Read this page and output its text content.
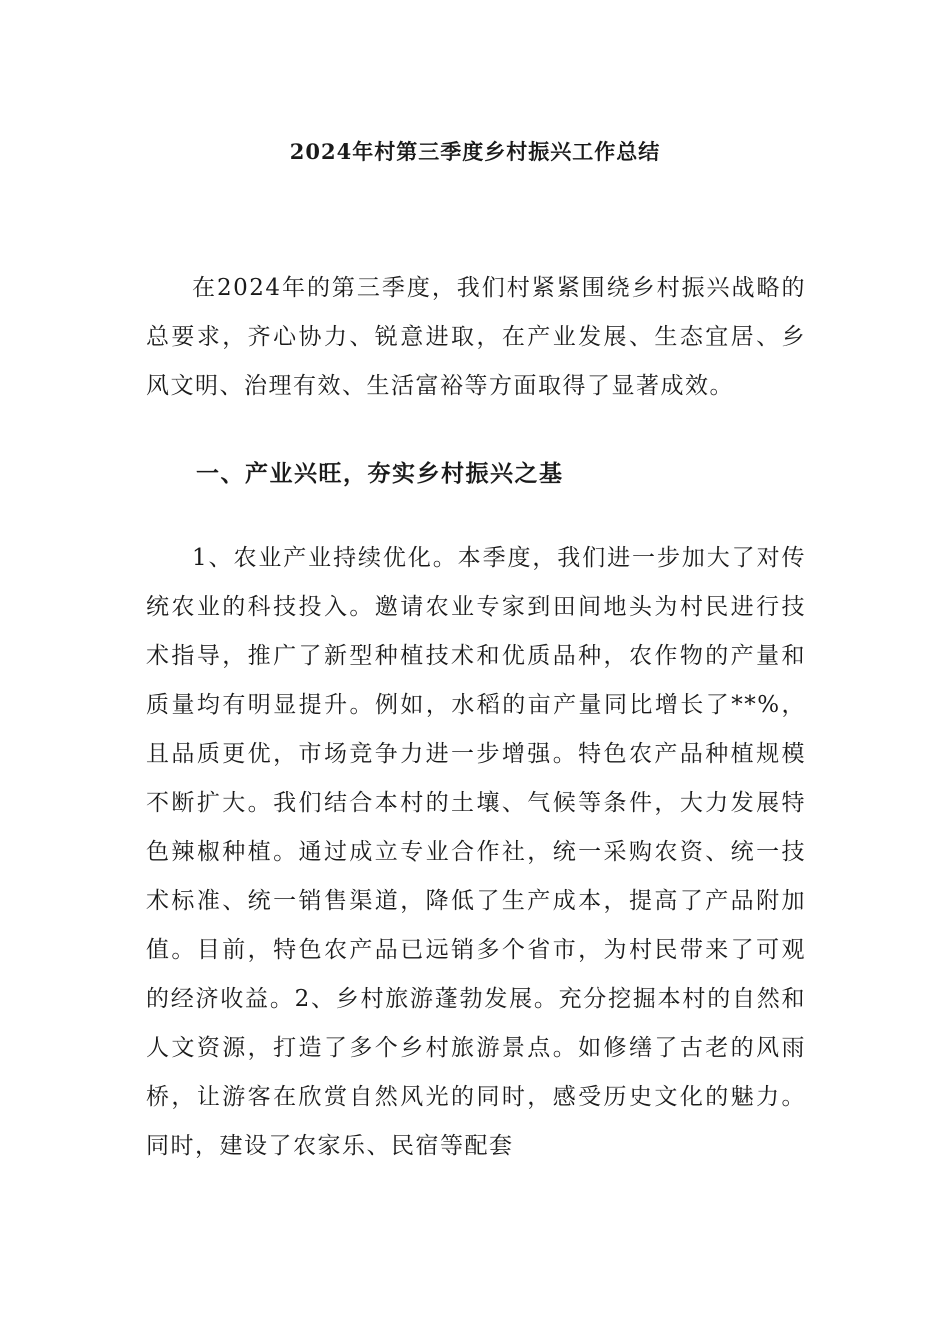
2024年村第三季度乡村振兴工作总结

在2024年的第三季度，我们村紧紧围绕乡村振兴战略的总要求，齐心协力、锐意进取，在产业发展、生态宜居、乡风文明、治理有效、生活富裕等方面取得了显著成效。

一、产业兴旺，夯实乡村振兴之基

1、农业产业持续优化。本季度，我们进一步加大了对传统农业的科技投入。邀请农业专家到田间地头为村民进行技术指导，推广了新型种植技术和优质品种，农作物的产量和质量均有明显提升。例如，水稻的亩产量同比增长了**%，且品质更优，市场竞争力进一步增强。特色农产品种植规模不断扩大。我们结合本村的土壤、气候等条件，大力发展特色辣椒种植。通过成立专业合作社，统一采购农资、统一技术标准、统一销售渠道，降低了生产成本，提高了产品附加值。目前，特色农产品已远销多个省市，为村民带来了可观的经济收益。2、乡村旅游蓬勃发展。充分挖掘本村的自然和人文资源，打造了多个乡村旅游景点。如修缮了古老的风雨桥，让游客在欣赏自然风光的同时，感受历史文化的魅力。同时，建设了农家乐、民宿等配套
